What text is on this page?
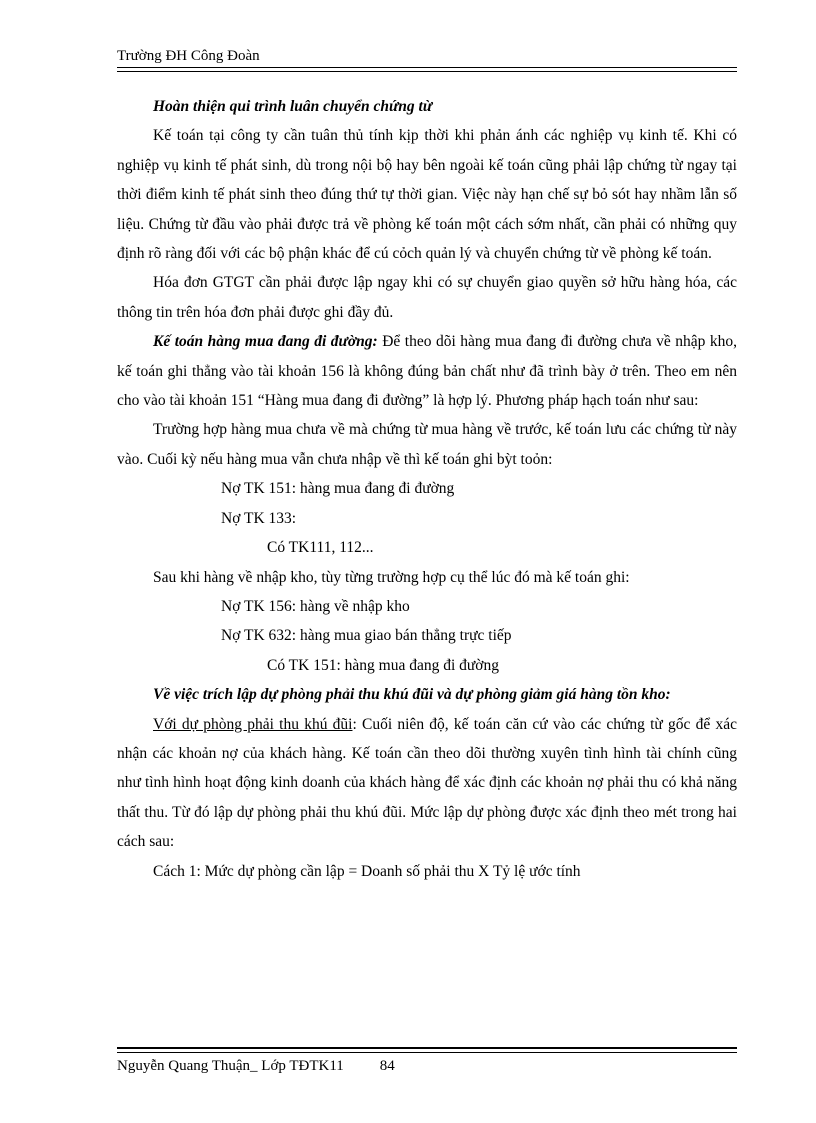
Trường ĐH Công Đoàn

Hoàn thiện qui trình luân chuyển chứng từ

Kế toán tại công ty cần tuân thủ tính kịp thời khi phản ánh các nghiệp vụ kinh tế. Khi có nghiệp vụ kinh tế phát sinh, dù trong nội bộ hay bên ngoài kế toán cũng phải lập chứng từ ngay tại thời điểm kinh tế phát sinh theo đúng thứ tự thời gian. Việc này hạn chế sự bỏ sót hay nhầm lẫn số liệu. Chứng từ đầu vào phải được trả về phòng kế toán một cách sớm nhất, cần phải có những quy định rõ ràng đối với các bộ phận khác để cú cỏch quản lý và chuyển chứng từ về phòng kế toán.

Hóa đơn GTGT cần phải được lập ngay khi có sự chuyển giao quyền sở hữu hàng hóa, các thông tin trên hóa đơn phải được ghi đầy đủ.

Kế toán hàng mua đang đi đường: Để theo dõi hàng mua đang đi đường chưa về nhập kho, kế toán ghi thẳng vào tài khoản 156 là không đúng bản chất như đã trình bày ở trên. Theo em nên cho vào tài khoản 151 “Hàng mua đang đi đường” là hợp lý. Phương pháp hạch toán như sau:

Trường hợp hàng mua chưa về mà chứng từ mua hàng về trước, kế toán lưu các chứng từ này vào. Cuối kỳ nếu hàng mua vẫn chưa nhập về thì kế toán ghi bỳt toỏn:

Nợ TK 151: hàng mua đang đi đường

Nợ TK 133:

Có TK111, 112...

Sau khi hàng về nhập kho, tùy từng trường hợp cụ thể lúc đó mà kế toán ghi:

Nợ TK 156: hàng về nhập kho

Nợ TK 632: hàng mua giao bán thẳng trực tiếp

Có TK 151: hàng mua đang đi đường

Về việc trích lập dự phòng phải thu khú đũi và dự phòng giảm giá hàng tồn kho:

Với dự phòng phải thu khú đũi: Cuối niên độ, kế toán căn cứ vào các chứng từ gốc để xác nhận các khoản nợ của khách hàng. Kế toán cần theo dõi thường xuyên tình hình tài chính cũng như tình hình hoạt động kinh doanh của khách hàng để xác định các khoản nợ phải thu có khả năng thất thu. Từ đó lập dự phòng phải thu khú đũi. Mức lập dự phòng được xác định theo mét trong hai cách sau:

Cách 1: Mức dự phòng cần lập = Doanh số phải thu X Tỷ lệ ước tính

Nguyễn Quang Thuận_ Lớp TĐTK11 84
